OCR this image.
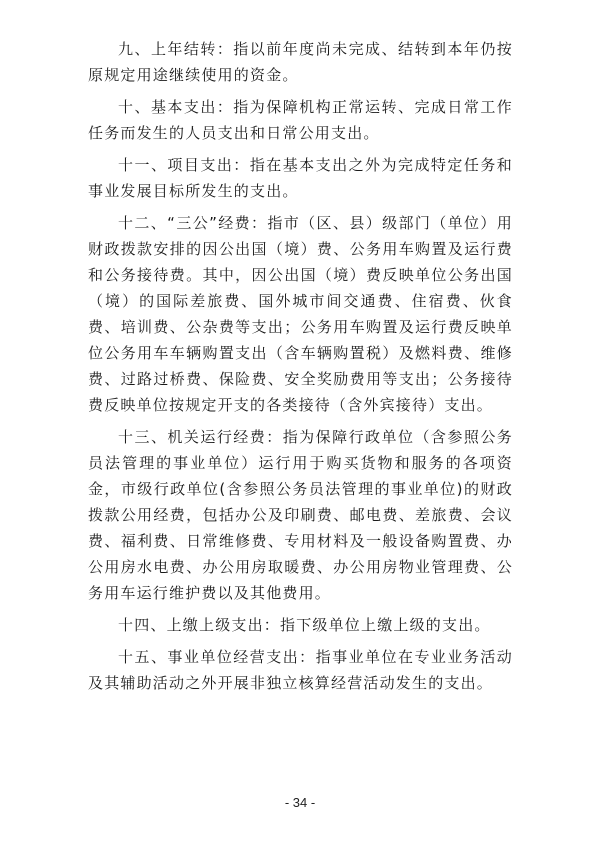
九、上年结转：指以前年度尚未完成、结转到本年仍按原规定用途继续使用的资金。

十、基本支出：指为保障机构正常运转、完成日常工作任务而发生的人员支出和日常公用支出。

十一、项目支出：指在基本支出之外为完成特定任务和事业发展目标所发生的支出。

十二、“三公”经费：指市（区、县）级部门（单位）用财政拨款安排的因公出国（境）费、公务用车购置及运行费和公务接待费。其中，因公出国（境）费反映单位公务出国（境）的国际差旅费、国外城市间交通费、住宿费、伙食费、培训费、公杂费等支出；公务用车购置及运行费反映单位公务用车车辆购置支出（含车辆购置税）及燃料费、维修费、过路过桥费、保险费、安全奖励费用等支出；公务接待费反映单位按规定开支的各类接待（含外宾接待）支出。

十三、机关运行经费：指为保障行政单位（含参照公务员法管理的事业单位）运行用于购买货物和服务的各项资金，市级行政单位(含参照公务员法管理的事业单位)的财政拨款公用经费，包括办公及印刷费、邮电费、差旅费、会议费、福利费、日常维修费、专用材料及一般设备购置费、办公用房水电费、办公用房取暖费、办公用房物业管理费、公务用车运行维护费以及其他费用。

十四、上缴上级支出：指下级单位上缴上级的支出。

十五、事业单位经营支出：指事业单位在专业业务活动及其辅助活动之外开展非独立核算经营活动发生的支出。

- 34 -
